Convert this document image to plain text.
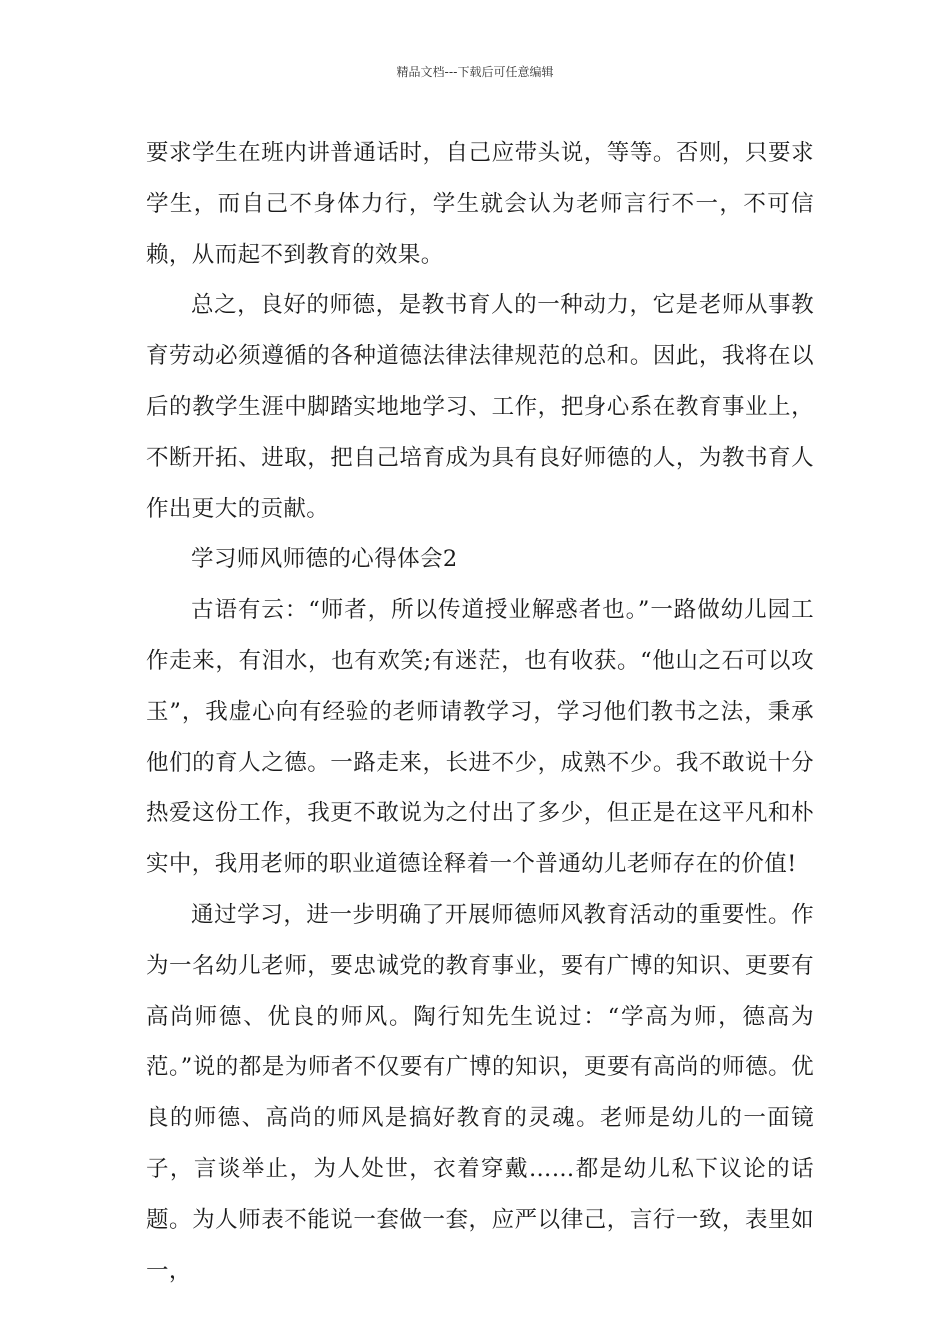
精品文档---下载后可任意编辑

要求学生在班内讲普通话时，自己应带头说，等等。否则，只要求学生，而自己不身体力行，学生就会认为老师言行不一，不可信赖，从而起不到教育的效果。

总之，良好的师德，是教书育人的一种动力，它是老师从事教育劳动必须遵循的各种道德法律法律规范的总和。因此，我将在以后的教学生涯中脚踏实地地学习、工作，把身心系在教育事业上，不断开拓、进取，把自己培育成为具有良好师德的人，为教书育人作出更大的贡献。

学习师风师德的心得体会2

古语有云：“师者，所以传道授业解惑者也。”一路做幼儿园工作走来，有泪水，也有欢笑;有迷茫，也有收获。“他山之石可以攻玉”，我虚心向有经验的老师请教学习，学习他们教书之法，秉承他们的育人之德。一路走来，长进不少，成熟不少。我不敢说十分热爱这份工作，我更不敢说为之付出了多少，但正是在这平凡和朴实中，我用老师的职业道德诠释着一个普通幼儿老师存在的价值!

通过学习，进一步明确了开展师德师风教育活动的重要性。作为一名幼儿老师，要忠诚党的教育事业，要有广博的知识、更要有高尚师德、优良的师风。陶行知先生说过：“学高为师，德高为范。”说的都是为师者不仅要有广博的知识，更要有高尚的师德。优良的师德、高尚的师风是搞好教育的灵魂。老师是幼儿的一面镜子，言谈举止，为人处世，衣着穿戴……都是幼儿私下议论的话题。为人师表不能说一套做一套，应严以律己，言行一致，表里如一，
